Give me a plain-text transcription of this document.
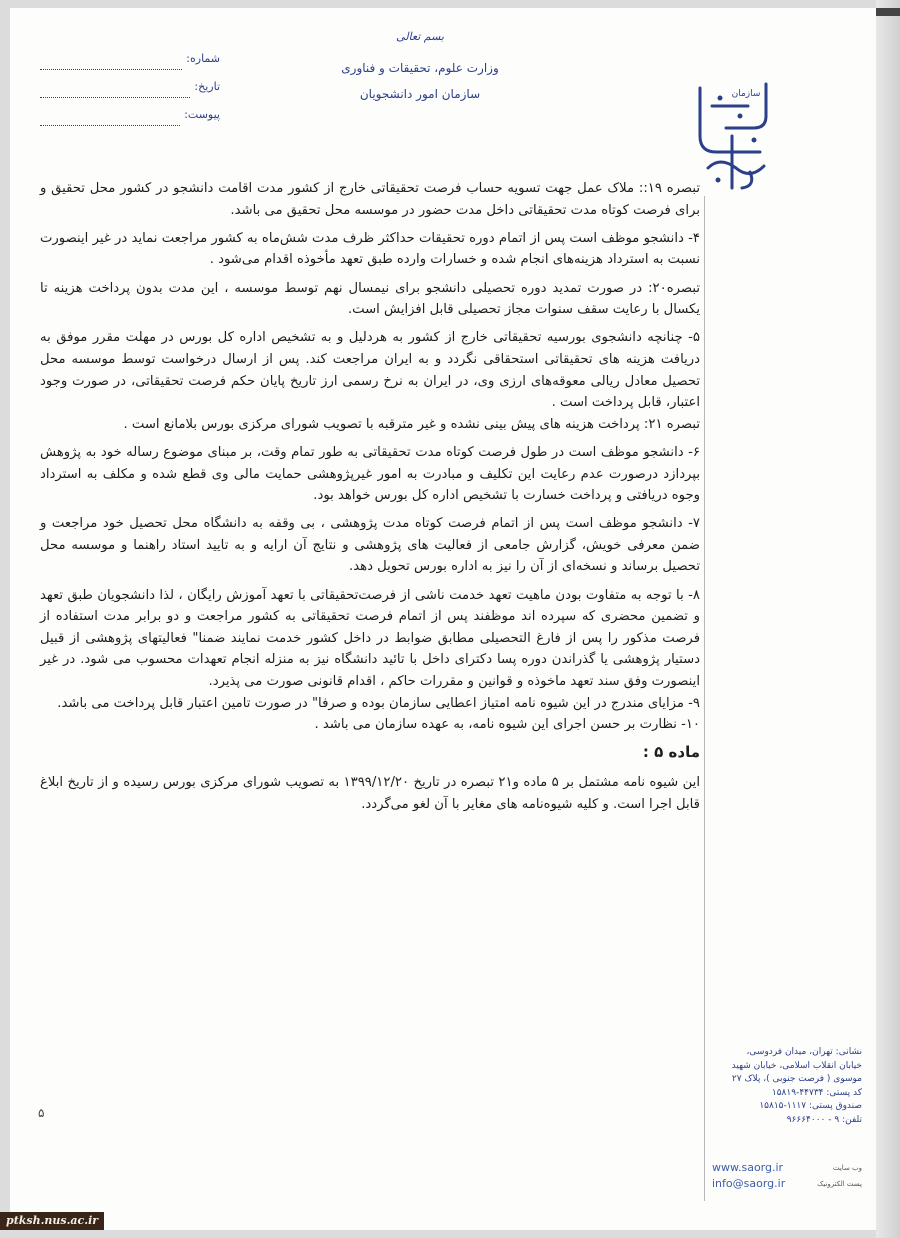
بسم تعالی
وزارت علوم، تحقیقات و فناوری
سازمان امور دانشجویان
شماره:
تاریخ:
پیوست:
سازمان

تبصره ۱۹:: ملاک عمل جهت تسویه حساب فرصت تحقیقاتی خارج از کشور مدت اقامت دانشجو در کشور محل تحقیق و برای فرصت کوتاه مدت تحقیقاتی داخل مدت حضور در موسسه محل تحقیق می باشد.

۴- دانشجو موظف است پس از اتمام دوره تحقیقات حداکثر ظرف مدت شش‌ماه به کشور مراجعت نماید در غیر اینصورت نسبت به استرداد هزینه‌های انجام شده و خسارات وارده طبق تعهد مأخوذه اقدام می‌شود .

تبصره۲۰: در صورت تمدید دوره تحصیلی دانشجو برای نیمسال نهم توسط موسسه ، این مدت بدون پرداخت هزینه تا یکسال با رعایت سقف سنوات مجاز تحصیلی قابل افزایش است.

۵- چنانچه دانشجوی بورسیه تحقیقاتی خارج از کشور به هردلیل و به تشخیص اداره کل بورس در مهلت مقرر موفق به دریافت هزینه های تحقیقاتی استحقاقی نگردد و به ایران مراجعت کند. پس از ارسال درخواست توسط موسسه محل تحصیل معادل ریالی معوقه‌های ارزی وی، در ایران به نرخ رسمی ارز تاریخ پایان حکم فرصت تحقیقاتی، در صورت وجود اعتبار، قابل پرداخت است .

تبصره ۲۱: پرداخت هزینه های پیش بینی نشده و غیر مترقبه با تصویب شورای مرکزی بورس بلامانع است .

۶- دانشجو موظف است در طول فرصت کوتاه مدت تحقیقاتی به طور تمام وقت، بر مبنای موضوع رساله خود به پژوهش بپردازد درصورت عدم رعایت این تکلیف و مبادرت به امور غیرپژوهشی حمایت مالی وی قطع شده و مکلف به استرداد وجوه دریافتی و پرداخت خسارت با تشخیص اداره کل بورس خواهد بود.

۷- دانشجو موظف است پس از اتمام فرصت کوتاه مدت پژوهشی ، بی وقفه به دانشگاه محل تحصیل خود مراجعت و ضمن معرفی خویش، گزارش جامعی از فعالیت های پژوهشی و نتایج آن ارایه و به تایید استاد راهنما و موسسه محل تحصیل برساند و نسخه‌ای از آن را نیز به اداره بورس تحویل دهد.

۸- با توجه به متفاوت بودن ماهیت تعهد خدمت ناشی از فرصت‌تحقیقاتی با تعهد آموزش رایگان ، لذا دانشجویان طبق تعهد و تضمین محضری که سپرده اند موظفند پس از اتمام فرصت تحقیقاتی به کشور مراجعت و دو برابر مدت استفاده از فرصت مذکور را پس از فارغ التحصیلی مطابق ضوابط در داخل کشور خدمت نمایند ضمنا" فعالیتهای پژوهشی از قبیل دستیار پژوهشی یا گذراندن دوره پسا دکترای داخل با تائید دانشگاه نیز به منزله انجام تعهدات محسوب می شود. در غیر اینصورت وفق سند تعهد ماخوذه و قوانین و مقررات حاکم ، اقدام قانونی صورت می پذیرد.

۹- مزایای مندرج در این شیوه نامه امتیاز اعطایی سازمان بوده و صرفا" در صورت تامین اعتبار قابل پرداخت می باشد.

۱۰- نظارت بر حسن اجرای این شیوه نامه، به عهده سازمان می باشد .

ماده ۵ :

این شیوه نامه مشتمل بر ۵ ماده و۲۱ تبصره در تاریخ ۱۳۹۹/۱۲/۲۰ به تصویب شورای مرکزی بورس رسیده و از تاریخ ابلاغ قابل اجرا است. و کلیه شیوه‌نامه های مغایر با آن لغو می‌گردد.

نشانی: تهران، میدان فردوسی،
خیابان انقلاب اسلامی، خیابان شهید
موسوی ( فرصت جنوبی )، پلاک ۲۷
کد پستی: ۴۴۷۳۴-۱۵۸۱۹
صندوق پستی: ۱۱۱۷-۱۵۸۱۵
تلفن: ۹ - ۹۶۶۶۴۰۰۰
www.saorg.ir	وب سایت
info@saorg.ir	پست الکترونیک
۵
ptksh.nus.ac.ir
